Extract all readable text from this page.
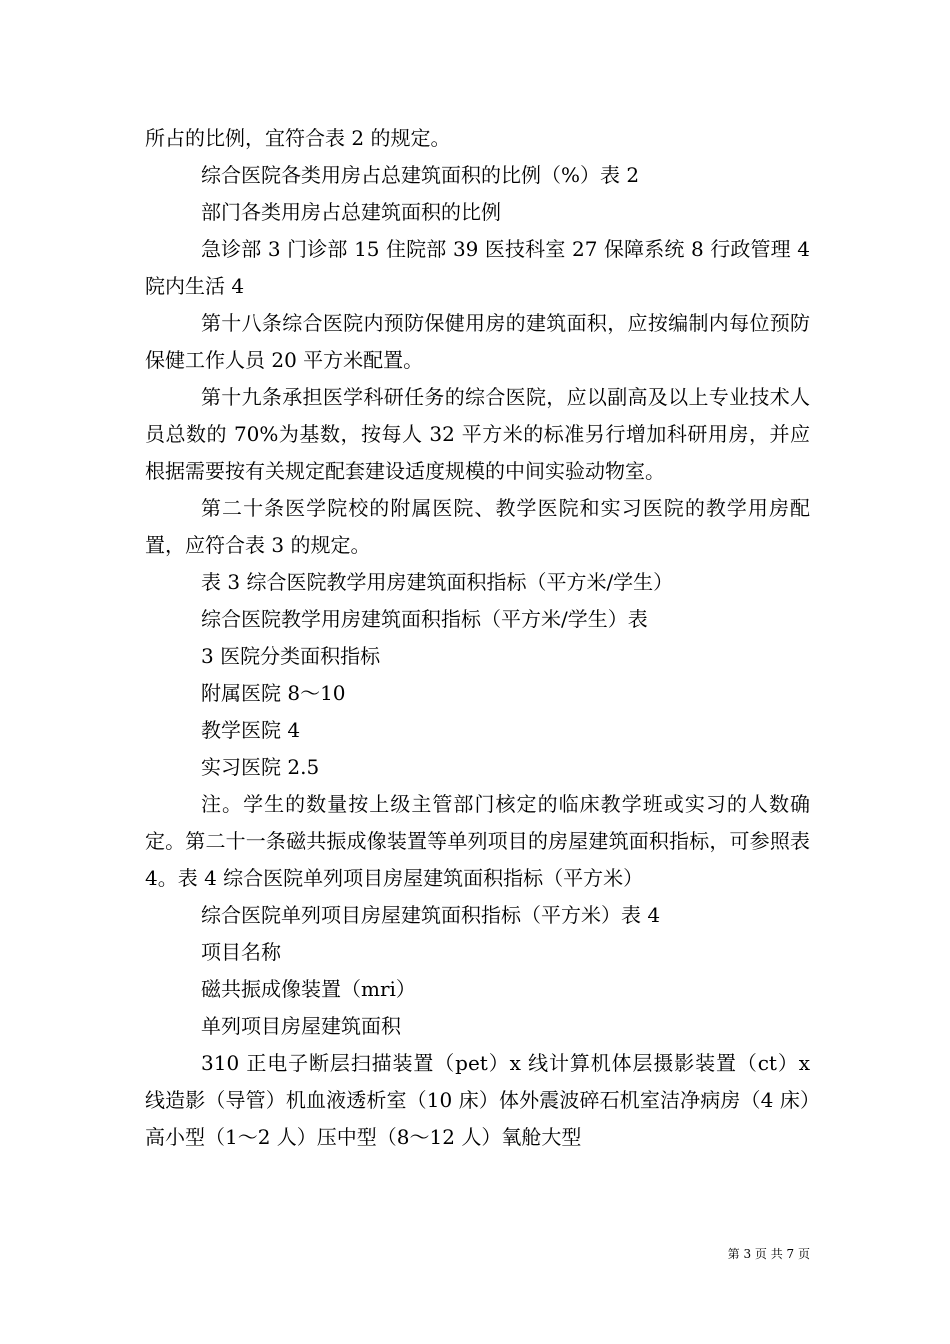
所占的比例，宜符合表 2 的规定。

综合医院各类用房占总建筑面积的比例（%）表 2

部门各类用房占总建筑面积的比例

急诊部 3 门诊部 15 住院部 39 医技科室 27 保障系统 8 行政管理 4 院内生活 4

第十八条综合医院内预防保健用房的建筑面积，应按编制内每位预防保健工作人员 20 平方米配置。

第十九条承担医学科研任务的综合医院，应以副高及以上专业技术人员总数的 70%为基数，按每人 32 平方米的标准另行增加科研用房，并应根据需要按有关规定配套建设适度规模的中间实验动物室。

第二十条医学院校的附属医院、教学医院和实习医院的教学用房配置，应符合表 3 的规定。

表 3 综合医院教学用房建筑面积指标（平方米/学生）

综合医院教学用房建筑面积指标（平方米/学生）表

3 医院分类面积指标

附属医院 8～10

教学医院 4

实习医院 2.5

注。学生的数量按上级主管部门核定的临床教学班或实习的人数确定。第二十一条磁共振成像装置等单列项目的房屋建筑面积指标，可参照表 4。表 4 综合医院单列项目房屋建筑面积指标（平方米）

综合医院单列项目房屋建筑面积指标（平方米）表 4

项目名称

磁共振成像装置（mri）

单列项目房屋建筑面积

310 正电子断层扫描装置（pet）x 线计算机体层摄影装置（ct）x 线造影（导管）机血液透析室（10 床）体外震波碎石机室洁净病房（4 床）高小型（1～2 人）压中型（8～12 人）氧舱大型

第 3 页 共 7 页
